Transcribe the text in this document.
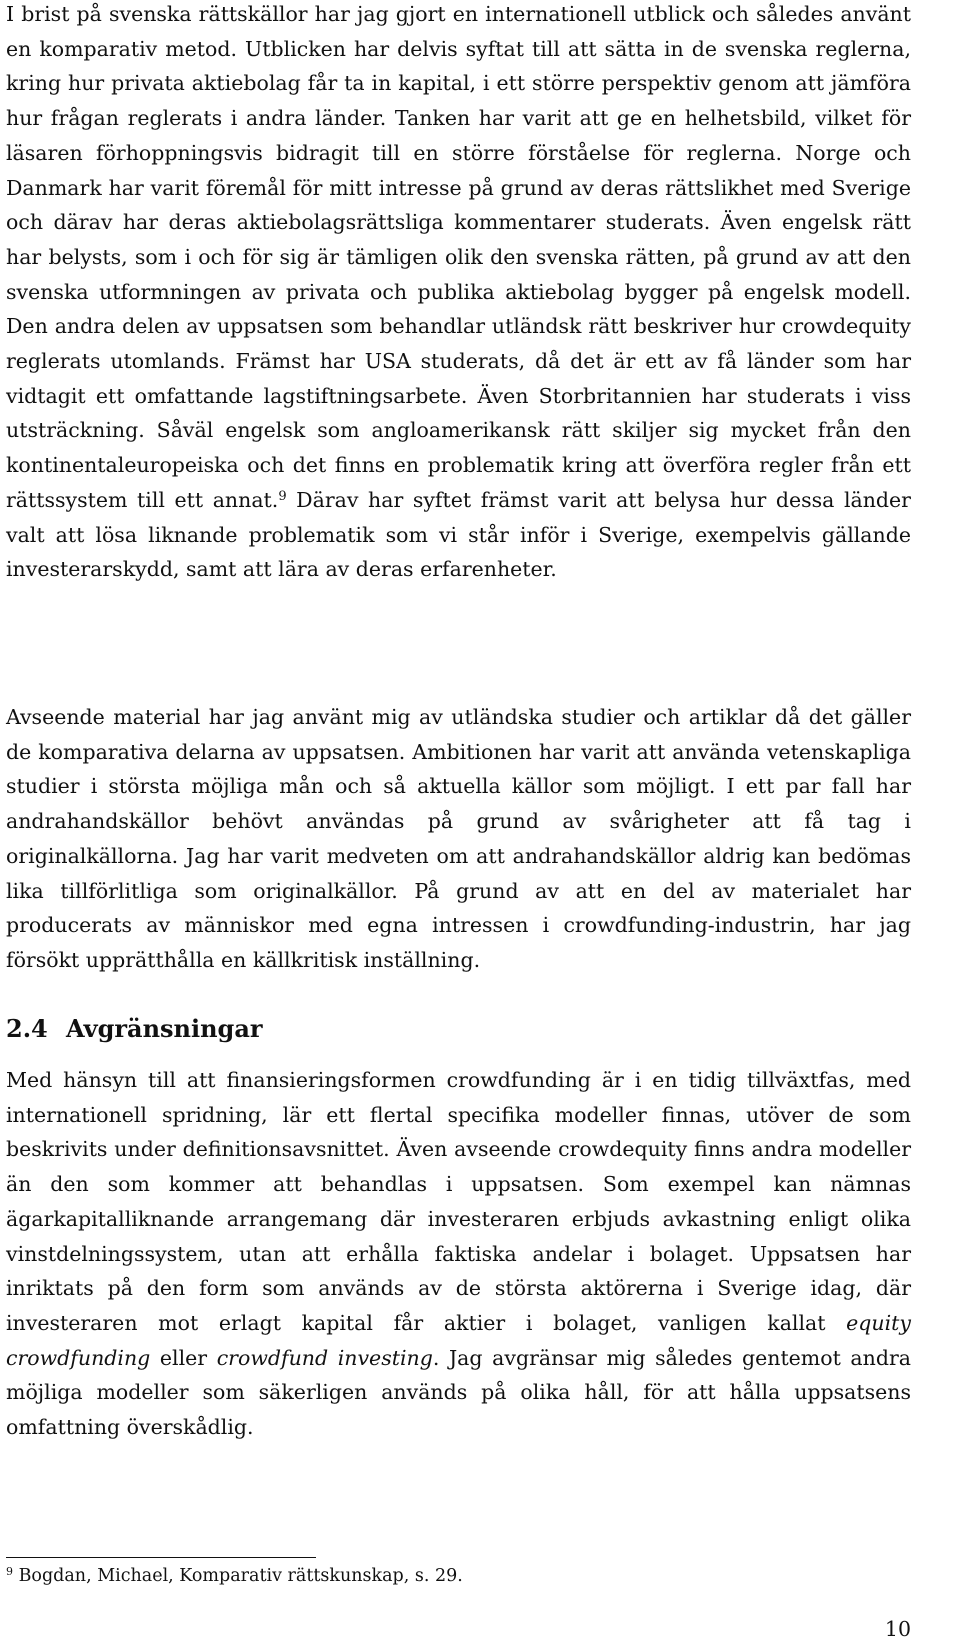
I brist på svenska rättskällor har jag gjort en internationell utblick och således använt en komparativ metod. Utblicken har delvis syftat till att sätta in de svenska reglerna, kring hur privata aktiebolag får ta in kapital, i ett större perspektiv genom att jämföra hur frågan reglerats i andra länder. Tanken har varit att ge en helhetsbild, vilket för läsaren förhoppningsvis bidragit till en större förståelse för reglerna. Norge och Danmark har varit föremål för mitt intresse på grund av deras rättslikhet med Sverige och därav har deras aktiebolagsrättsliga kommentarer studerats. Även engelsk rätt har belysts, som i och för sig är tämligen olik den svenska rätten, på grund av att den svenska utformningen av privata och publika aktiebolag bygger på engelsk modell. Den andra delen av uppsatsen som behandlar utländsk rätt beskriver hur crowdequity reglerats utomlands. Främst har USA studerats, då det är ett av få länder som har vidtagit ett omfattande lagstiftningsarbete. Även Storbritannien har studerats i viss utsträckning. Såväl engelsk som angloamerikansk rätt skiljer sig mycket från den kontinentaleuropeiska och det finns en problematik kring att överföra regler från ett rättssystem till ett annat.$^9$ Därav har syftet främst varit att belysa hur dessa länder valt att lösa liknande problematik som vi står inför i Sverige, exempelvis gällande investerarskydd, samt att lära av deras erfarenheter.

Avseende material har jag använt mig av utländska studier och artiklar då det gäller de komparativa delarna av uppsatsen. Ambitionen har varit att använda vetenskapliga studier i största möjliga mån och så aktuella källor som möjligt. I ett par fall har andrahandskällor behövt användas på grund av svårigheter att få tag i originalkällorna. Jag har varit medveten om att andrahandskällor aldrig kan bedömas lika tillförlitliga som originalkällor. På grund av att en del av materialet har producerats av människor med egna intressen i crowdfunding-industrin, har jag försökt upprätthålla en källkritisk inställning.

2.4 Avgränsningar

Med hänsyn till att finansieringsformen crowdfunding är i en tidig tillväxtfas, med internationell spridning, lär ett flertal specifika modeller finnas, utöver de som beskrivits under definitionsavsnittet. Även avseende crowdequity finns andra modeller än den som kommer att behandlas i uppsatsen. Som exempel kan nämnas ägarkapitalliknande arrangemang där investeraren erbjuds avkastning enligt olika vinstdelningssystem, utan att erhålla faktiska andelar i bolaget. Uppsatsen har inriktats på den form som används av de största aktörerna i Sverige idag, där investeraren mot erlagt kapital får aktier i bolaget, vanligen kallat equity crowdfunding eller crowdfund investing. Jag avgränsar mig således gentemot andra möjliga modeller som säkerligen används på olika håll, för att hålla uppsatsens omfattning överskådlig.

$^9$ Bogdan, Michael, Komparativ rättskunskap, s. 29.

10
